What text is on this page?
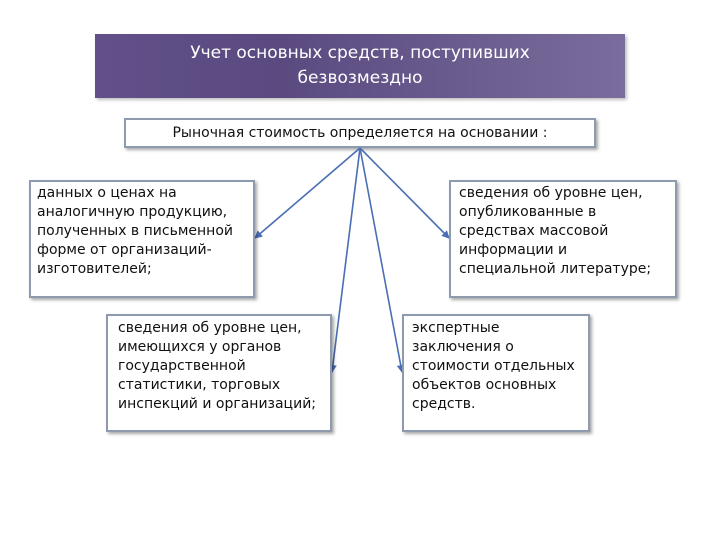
Учет основных средств, поступивших безвозмездно
Рыночная стоимость определяется на основании :
данных о ценах на аналогичную продукцию, полученных в письменной форме от организаций-изготовителей;
сведения об уровне цен, опубликованные в средствах массовой информации и специальной литературе;
сведения об уровне цен, имеющихся у органов государственной статистики, торговых инспекций и организаций;
экспертные заключения о стоимости отдельных объектов основных средств.
